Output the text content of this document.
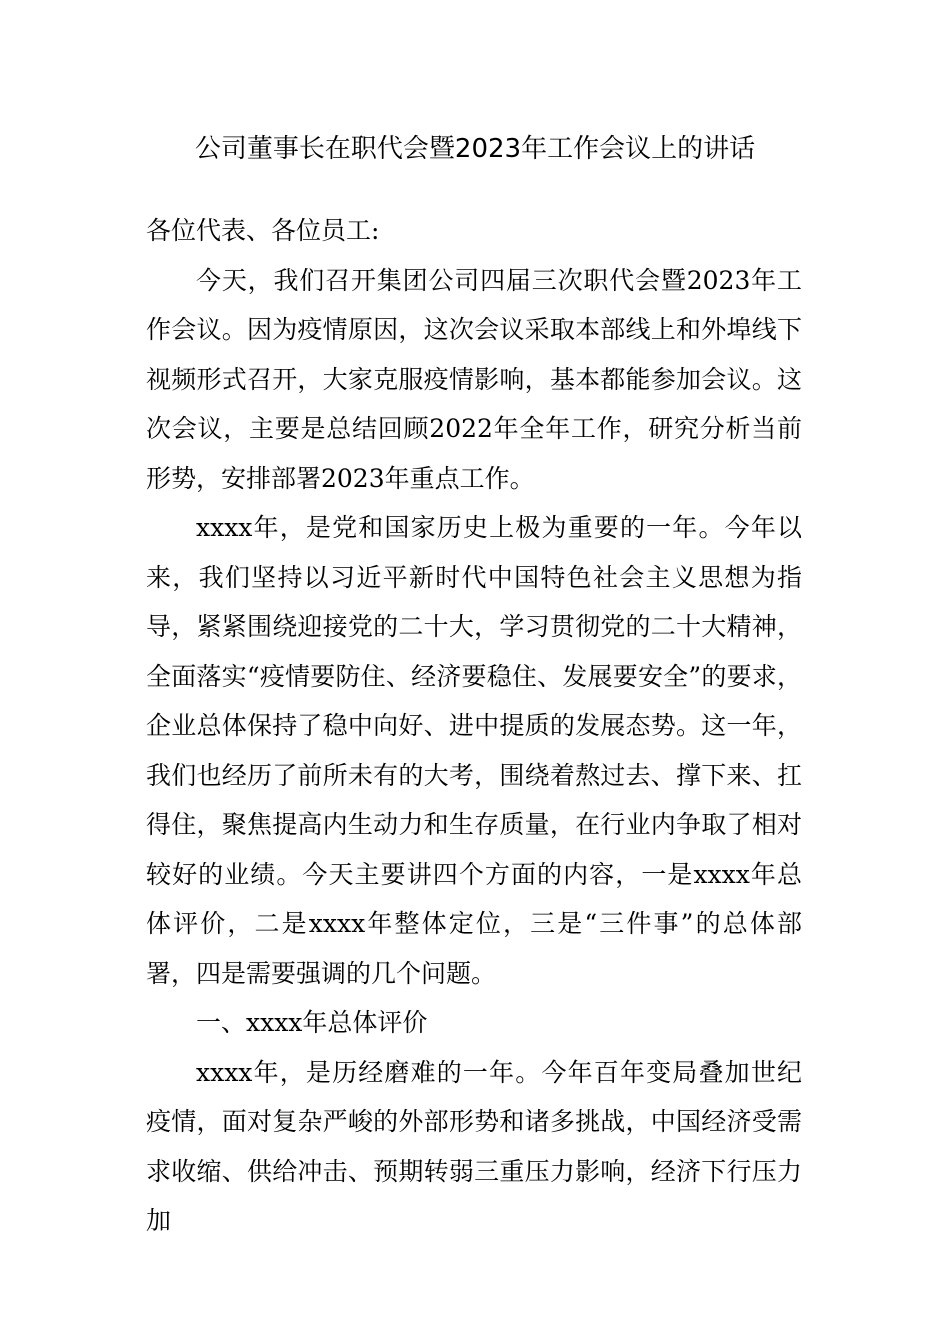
公司董事长在职代会暨2023年工作会议上的讲话

各位代表、各位员工:

今天，我们召开集团公司四届三次职代会暨2023年工作会议。因为疫情原因，这次会议采取本部线上和外埠线下视频形式召开，大家克服疫情影响，基本都能参加会议。这次会议，主要是总结回顾2022年全年工作，研究分析当前形势，安排部署2023年重点工作。

xxxx年，是党和国家历史上极为重要的一年。今年以来，我们坚持以习近平新时代中国特色社会主义思想为指导，紧紧围绕迎接党的二十大，学习贯彻党的二十大精神，全面落实“疫情要防住、经济要稳住、发展要安全”的要求，企业总体保持了稳中向好、进中提质的发展态势。这一年，我们也经历了前所未有的大考，围绕着熬过去、撑下来、扛得住，聚焦提高内生动力和生存质量，在行业内争取了相对较好的业绩。今天主要讲四个方面的内容，一是xxxx年总体评价，二是xxxx年整体定位，三是“三件事”的总体部署，四是需要强调的几个问题。

一、xxxx年总体评价

xxxx年，是历经磨难的一年。今年百年变局叠加世纪疫情，面对复杂严峻的外部形势和诸多挑战，中国经济受需求收缩、供给冲击、预期转弱三重压力影响，经济下行压力加
